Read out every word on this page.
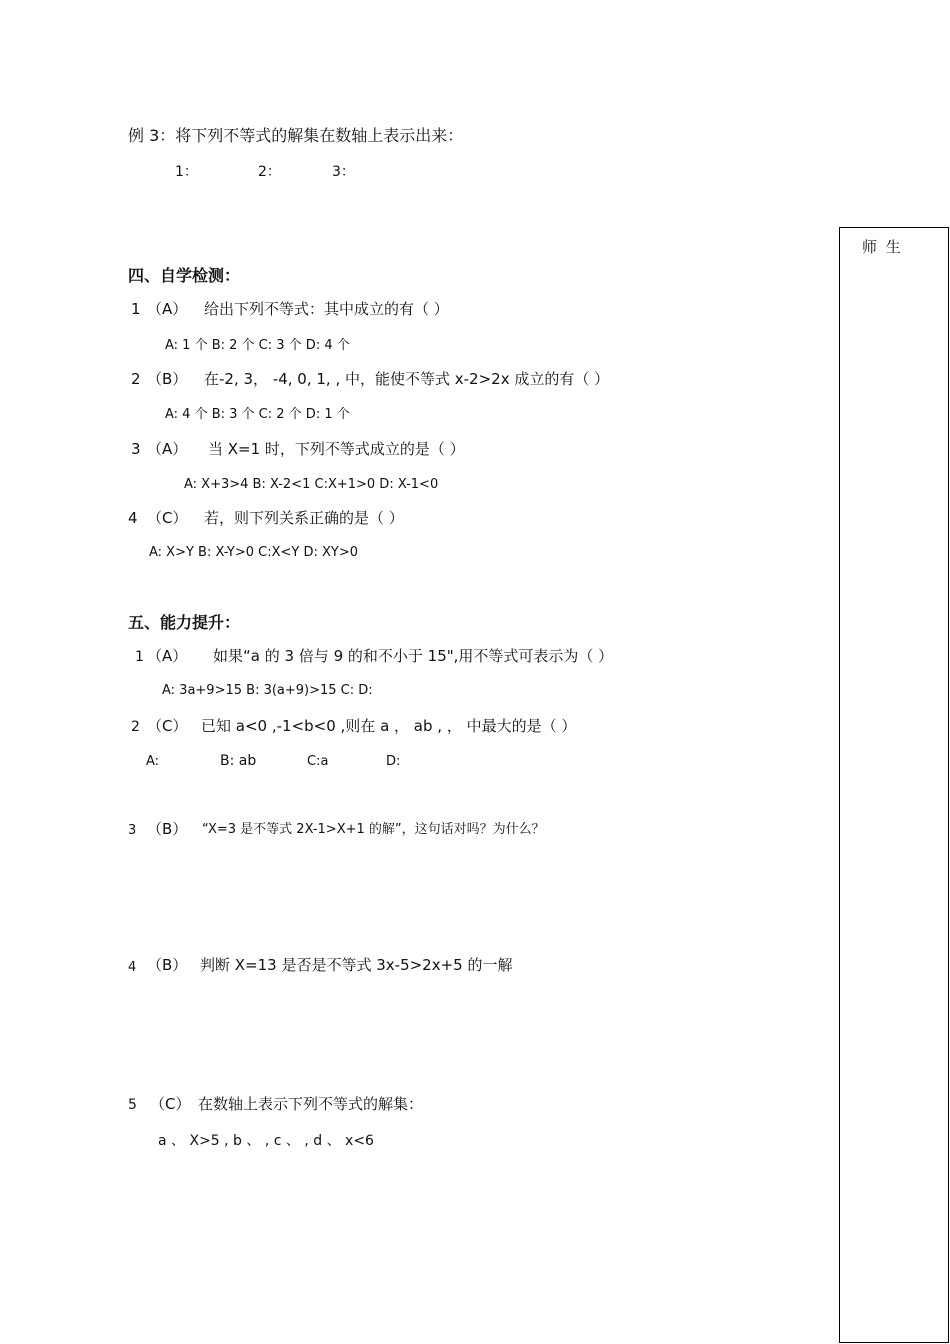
例 3：将下列不等式的解集在数轴上表示出来：
1：	2：	3：
师 生
四、自学检测：
1 （A） 给出下列不等式：其中成立的有（ ）
A: 1 个 B: 2 个 C: 3 个 D: 4 个
2 （B） 在-2, 3， -4, 0, 1, , 中，能使不等式 x-2>2x 成立的有（ ）
A: 4 个 B: 3 个 C: 2 个 D: 1 个
3 （A） 当 X=1 时，下列不等式成立的是（ ）
A: X+3>4 B: X-2<1 C:X+1>0 D: X-1<0
4 （C） 若，则下列关系正确的是（ ）
A: X>Y B: X-Y>0 C:X<Y D: XY>0
五、能力提升：
1 （A） 如果“a 的 3 倍与 9 的和不小于 15",用不等式可表示为（ ）
A: 3a+9>15 B: 3(a+9)>15 C: D:
2 （C） 已知 a<0 ,-1<b<0 ,则在 a ， ab , ， 中最大的是（ ）
A:	B: ab	C:a	D:
3 （B） “X=3 是不等式 2X-1>X+1 的解”，这句话对吗？为什么？
4 （B） 判断 X=13 是否是不等式 3x-5>2x+5 的一解
5 （C） 在数轴上表示下列不等式的解集：
a 、 X>5 , b 、 , c 、 , d 、 x<6
